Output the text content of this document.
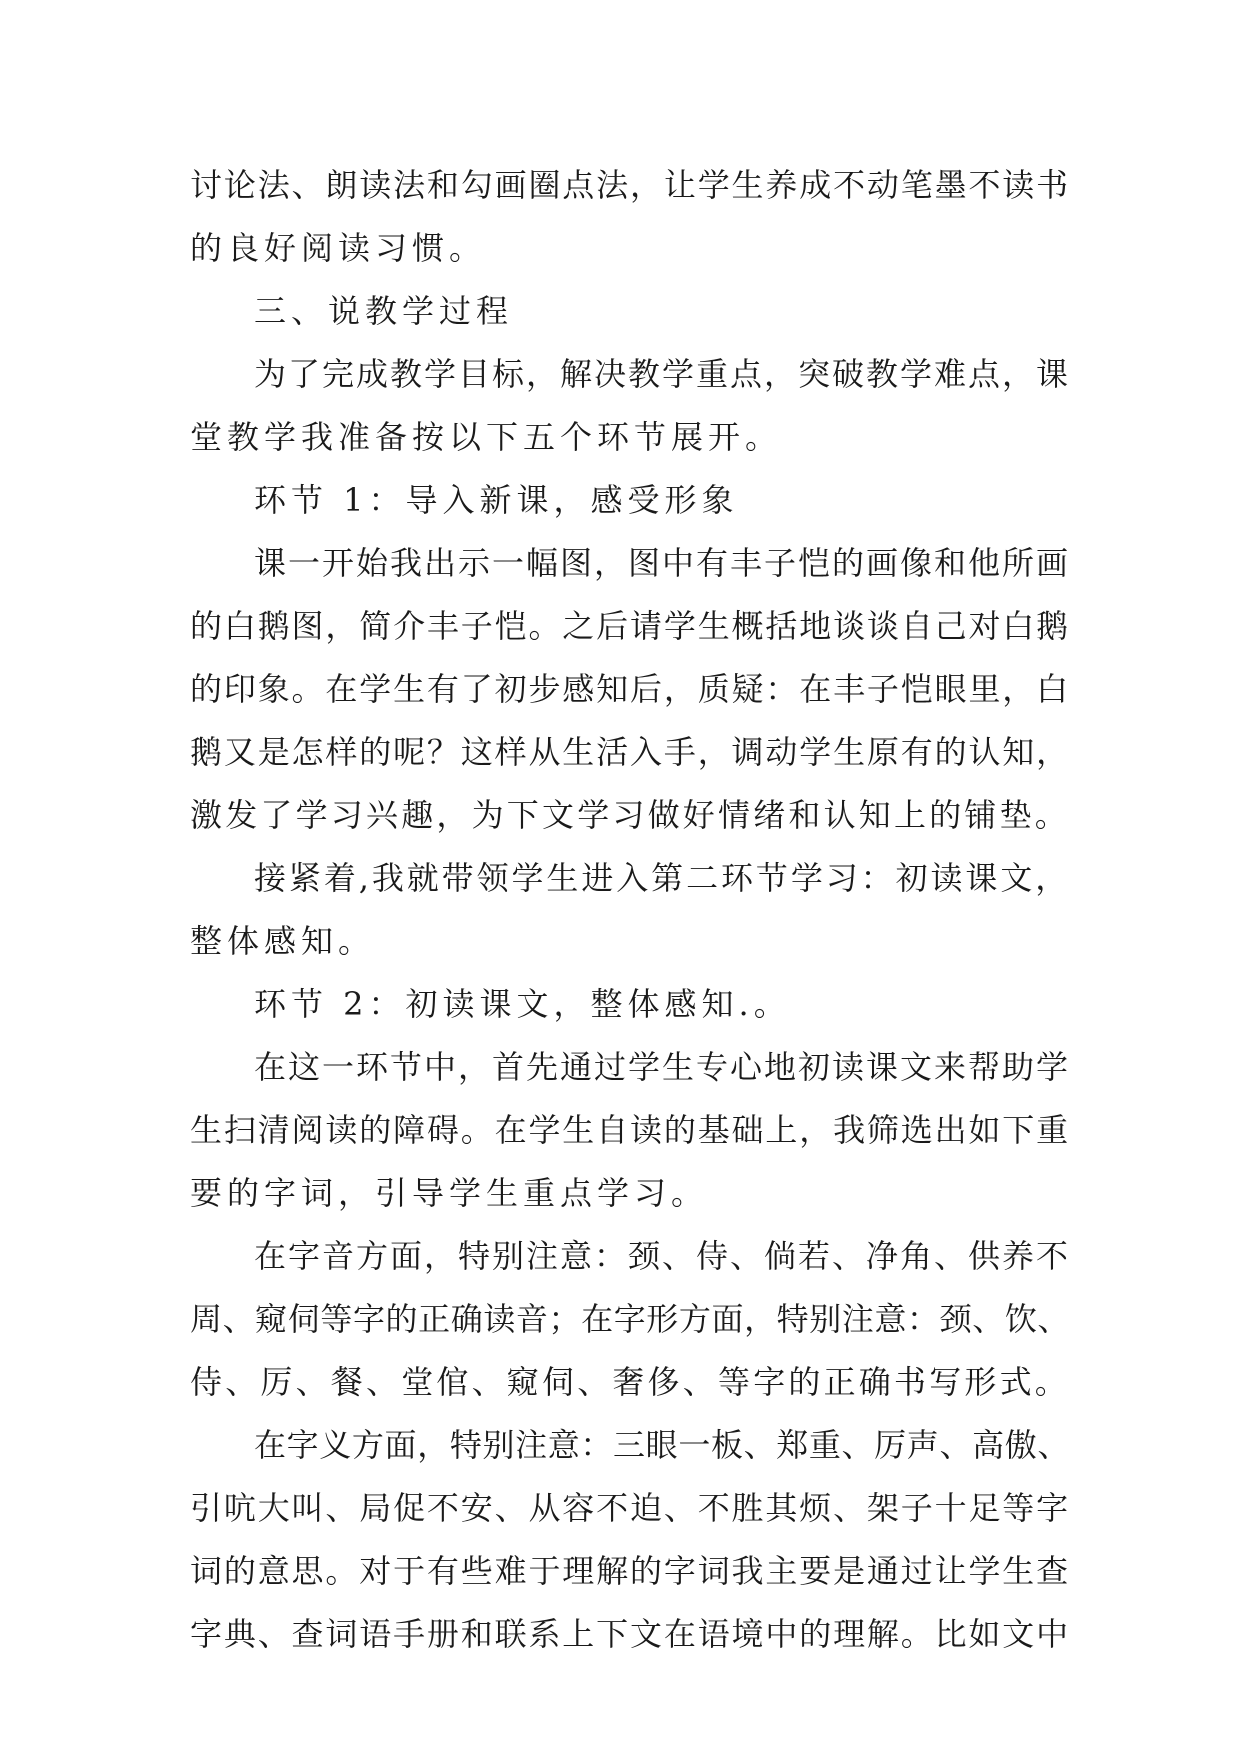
讨论法、朗读法和勾画圈点法，让学生养成不动笔墨不读书
的良好阅读习惯。
三、说教学过程
为了完成教学目标，解决教学重点，突破教学难点，课
堂教学我准备按以下五个环节展开。
环节 1：导入新课，感受形象
课一开始我出示一幅图，图中有丰子恺的画像和他所画
的白鹅图，简介丰子恺。之后请学生概括地谈谈自己对白鹅
的印象。在学生有了初步感知后，质疑：在丰子恺眼里，白
鹅又是怎样的呢？这样从生活入手，调动学生原有的认知，
激发了学习兴趣，为下文学习做好情绪和认知上的铺垫。
接紧着,我就带领学生进入第二环节学习：初读课文，
整体感知。
环节 2：初读课文，整体感知.。
在这一环节中，首先通过学生专心地初读课文来帮助学
生扫清阅读的障碍。在学生自读的基础上，我筛选出如下重
要的字词，引导学生重点学习。
在字音方面，特别注意：颈、侍、倘若、净角、供养不
周、窥伺等字的正确读音；在字形方面，特别注意：颈、饮、
侍、厉、餐、堂倌、窥伺、奢侈、等字的正确书写形式。
在字义方面，特别注意：三眼一板、郑重、厉声、高傲、
引吭大叫、局促不安、从容不迫、不胜其烦、架子十足等字
词的意思。对于有些难于理解的字词我主要是通过让学生查
字典、查词语手册和联系上下文在语境中的理解。比如文中
